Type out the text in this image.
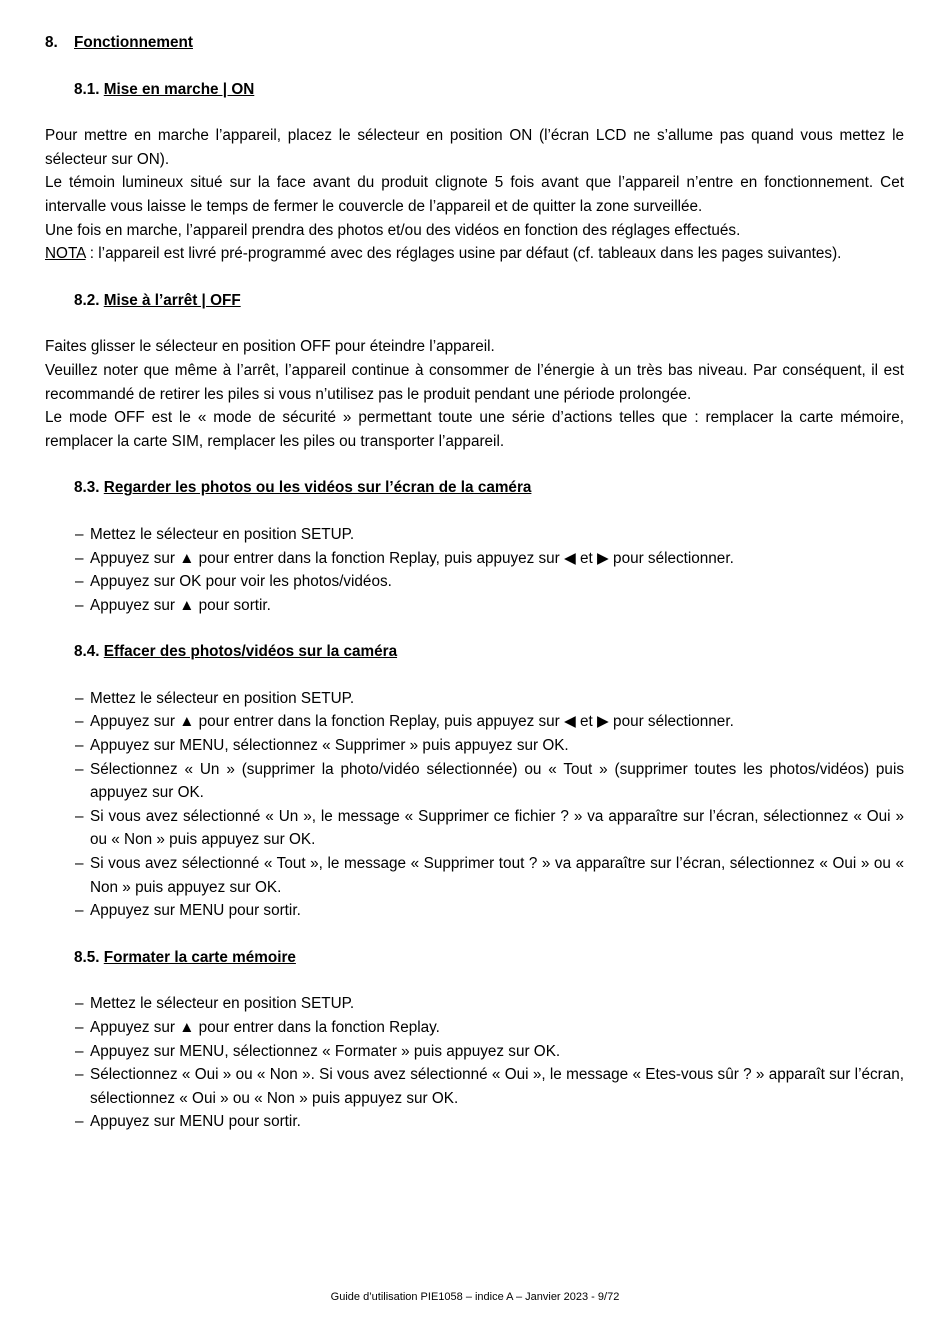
8. Fonctionnement
8.1. Mise en marche | ON

Pour mettre en marche l’appareil, placez le sélecteur en position ON (l’écran LCD ne s’allume pas quand vous mettez le sélecteur sur ON).

Le témoin lumineux situé sur la face avant du produit clignote 5 fois avant que l’appareil n’entre en fonctionnement. Cet intervalle vous laisse le temps de fermer le couvercle de l’appareil et de quitter la zone surveillée.

Une fois en marche, l’appareil prendra des photos et/ou des vidéos en fonction des réglages effectués.

NOTA : l’appareil est livré pré-programmé avec des réglages usine par défaut (cf. tableaux dans les pages suivantes).

8.2. Mise à l’arrêt | OFF

Faites glisser le sélecteur en position OFF pour éteindre l’appareil.

Veuillez noter que même à l’arrêt, l’appareil continue à consommer de l’énergie à un très bas niveau. Par conséquent, il est recommandé de retirer les piles si vous n’utilisez pas le produit pendant une période prolongée.

Le mode OFF est le « mode de sécurité » permettant toute une série d’actions telles que : remplacer la carte mémoire, remplacer la carte SIM, remplacer les piles ou transporter l’appareil.

8.3. Regarder les photos ou les vidéos sur l’écran de la caméra
– Mettez le sélecteur en position SETUP.
– Appuyez sur ▲ pour entrer dans la fonction Replay, puis appuyez sur ◀ et ▶ pour sélectionner.
– Appuyez sur OK pour voir les photos/vidéos.
– Appuyez sur ▲ pour sortir.
8.4. Effacer des photos/vidéos sur la caméra
– Mettez le sélecteur en position SETUP.
– Appuyez sur ▲ pour entrer dans la fonction Replay, puis appuyez sur ◀ et ▶ pour sélectionner.
– Appuyez sur MENU, sélectionnez « Supprimer » puis appuyez sur OK.
– Sélectionnez « Un » (supprimer la photo/vidéo sélectionnée) ou « Tout » (supprimer toutes les photos/vidéos) puis appuyez sur OK.
– Si vous avez sélectionné « Un », le message « Supprimer ce fichier ? » va apparaître sur l’écran, sélectionnez « Oui » ou « Non » puis appuyez sur OK.
– Si vous avez sélectionné « Tout », le message « Supprimer tout ? » va apparaître sur l’écran, sélectionnez « Oui » ou « Non » puis appuyez sur OK.
– Appuyez sur MENU pour sortir.
8.5. Formater la carte mémoire
– Mettez le sélecteur en position SETUP.
– Appuyez sur ▲ pour entrer dans la fonction Replay.
– Appuyez sur MENU, sélectionnez « Formater » puis appuyez sur OK.
– Sélectionnez « Oui » ou « Non ». Si vous avez sélectionné « Oui », le message « Etes-vous sûr ? » apparaît sur l’écran, sélectionnez « Oui » ou « Non » puis appuyez sur OK.
– Appuyez sur MENU pour sortir.
Guide d’utilisation PIE1058 – indice A – Janvier 2023 - 9/72
